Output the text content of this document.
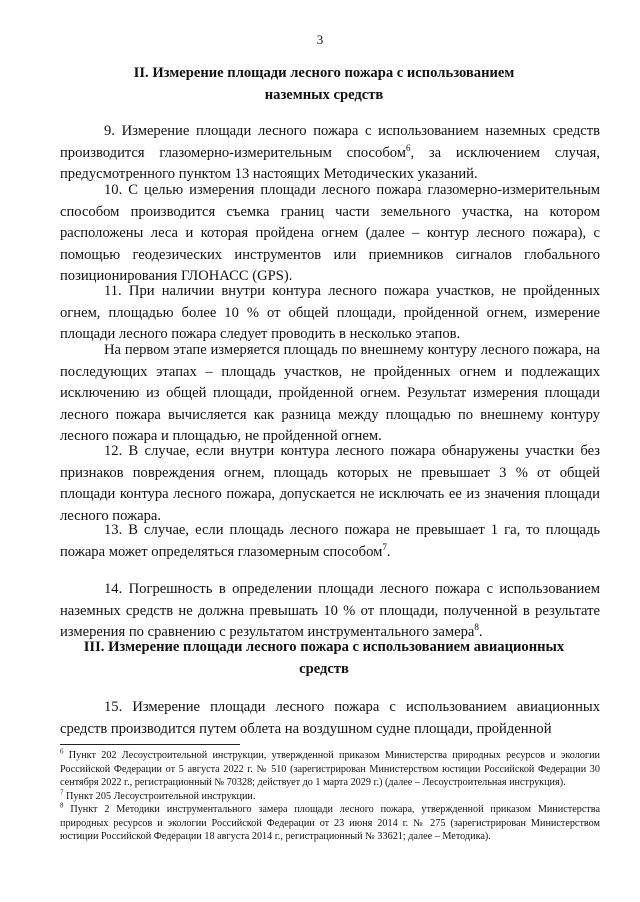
3
II. Измерение площади лесного пожара с использованием
наземных средств

9. Измерение площади лесного пожара с использованием наземных средств производится глазомерно-измерительным способом$^6$, за исключением случая, предусмотренного пунктом 13 настоящих Методических указаний.

10. С целью измерения площади лесного пожара глазомерно-измерительным способом производится съемка границ части земельного участка, на котором расположены леса и которая пройдена огнем (далее – контур лесного пожара), с помощью геодезических инструментов или приемников сигналов глобального позиционирования ГЛОНАСС (GPS).

11. При наличии внутри контура лесного пожара участков, не пройденных огнем, площадью более 10 % от общей площади, пройденной огнем, измерение площади лесного пожара следует проводить в несколько этапов.

На первом этапе измеряется площадь по внешнему контуру лесного пожара, на последующих этапах – площадь участков, не пройденных огнем и подлежащих исключению из общей площади, пройденной огнем. Результат измерения площади лесного пожара вычисляется как разница между площадью по внешнему контуру лесного пожара и площадью, не пройденной огнем.

12. В случае, если внутри контура лесного пожара обнаружены участки без признаков повреждения огнем, площадь которых не превышает 3 % от общей площади контура лесного пожара, допускается не исключать ее из значения площади лесного пожара.

13. В случае, если площадь лесного пожара не превышает 1 га, то площадь пожара может определяться глазомерным способом$^7$.

14. Погрешность в определении площади лесного пожара с использованием наземных средств не должна превышать 10 % от площади, полученной в результате измерения по сравнению с результатом инструментального замера$^8$.

III. Измерение площади лесного пожара с использованием авиационных
средств

15. Измерение площади лесного пожара с использованием авиационных средств производится путем облета на воздушном судне площади, пройденной

$^6$ Пункт 202 Лесоустроительной инструкции, утвержденной приказом Министерства природных ресурсов и экологии Российской Федерации от 5 августа 2022 г. № 510 (зарегистрирован Министерством юстиции Российской Федерации 30 сентября 2022 г., регистрационный № 70328; действует до 1 марта 2029 г.) (далее – Лесоустроительная инструкция).

$^7$ Пункт 205 Лесоустроительной инструкции.

$^8$ Пункт 2 Методики инструментального замера площади лесного пожара, утвержденной приказом Министерства природных ресурсов и экологии Российской Федерации от 23 июня 2014 г. № 275 (зарегистрирован Министерством юстиции Российской Федерации 18 августа 2014 г., регистрационный № 33621; далее – Методика).
